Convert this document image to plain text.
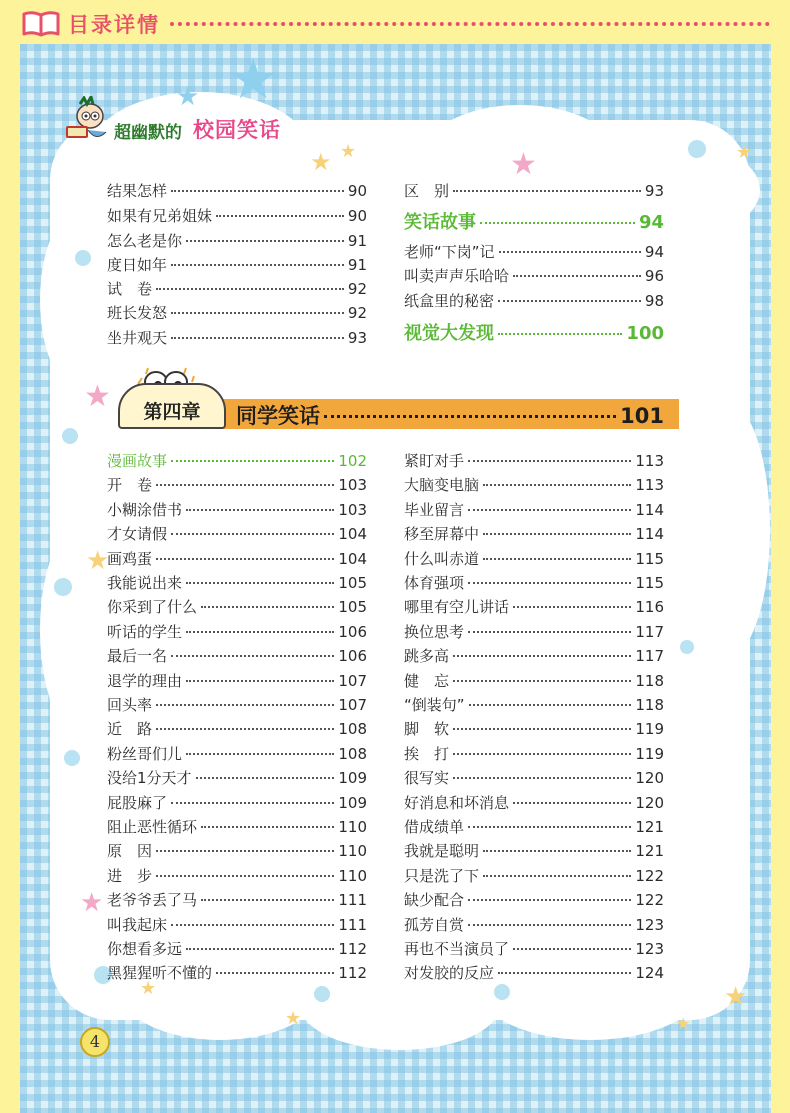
目录详情
★
★
★ ★	★	★
★
★
★
★
★
★
★
超幽默的 校园笑话
结果怎样	90
如果有兄弟姐妹	90
怎么老是你	91
度日如年	91
试　卷	92
班长发怒	92
坐井观天	93
区　别	93
笑话故事	94
老师“下岗”记	94
叫卖声声乐哈哈	96
纸盒里的秘密	98
视觉大发现	100
第四章	同学笑话	101
漫画故事	102
开　卷	103
小糊涂借书	103
才女请假	104
画鸡蛋	104
我能说出来	105
你采到了什么	105
听话的学生	106
最后一名	106
退学的理由	107
回头率	107
近　路	108
粉丝哥们儿	108
没给1分天才	109
屁股麻了	109
阻止恶性循环	110
原　因	110
进　步	110
老爷爷丢了马	111
叫我起床	111
你想看多远	112
黑猩猩听不懂的	112
紧盯对手	113
大脑变电脑	113
毕业留言	114
移至屏幕中	114
什么叫赤道	115
体育强项	115
哪里有空儿讲话	116
换位思考	117
跳多高	117
健　忘	118
“倒装句”	118
脚　软	119
挨　打	119
很写实	120
好消息和坏消息	120
借成绩单	121
我就是聪明	121
只是洗了下	122
缺少配合	122
孤芳自赏	123
再也不当演员了	123
对发胶的反应	124
4
